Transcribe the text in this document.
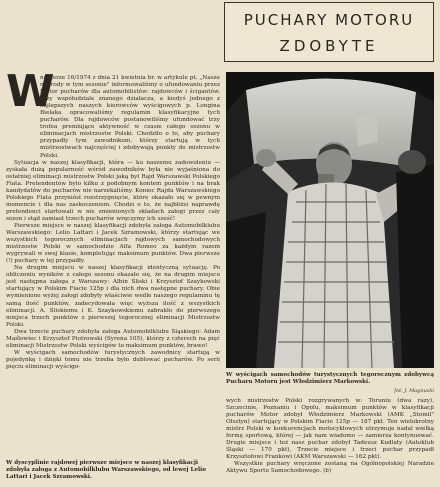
PUCHARY MOTORU
ZDOBYTE
W wyścigach samochodów turystycznych tegorocznym zdobywcą Pucharu Motoru jest Włodzimierz Markowski.
fot. J. Magnuski
W

numerze 16/1974 z dnia 21 kwietnia br. w artykule pt. „Nasze nagrody w tym sezonie" informowaliśmy o ufundowaniu przez Motor pucharów dla automobilistów: rajdowców i ścigantów. Przy współudziale znanego działacza, a kiedyś jednego z najlepszych naszych kierowców wyścigowych p. Longina Bielaka opracowaliśmy regulamin klasyfikacyjne tych pucharów. Dla rajdowców postanowiliśmy ufundować trzy trofea premiujące aktywność w czasie całego sezonu w eliminacjach mistrzostw Polski. Chodziło o to, aby puchary przypadły tym zawodnikom, którzy startują w tych mistrzostwach najczęściej i zdobywają punkty do mistrzostw Polski.

Sytuacja w naszej klasyfikacji, która — ku naszemu zadowoleniu — zyskała dużą popularność wśród zawodników była nie wyjaśniona do ostatniej eliminacji mistrzostw Polski jaką był Rajd Warszawski Polskiego Fiata. Pretendentów było kilku z podobnym kontem punktów i na brak kandydatów do pucharów nie narzekaliśmy. Koniec Rajdu Warszawskiego Polskiego Fiata przyniósł rozstrzygnięcie, które okazało się w pewnym momencie i dla nas zaskoczeniem. Chodzi o to, że najbliżsi naprawdę pretendenci startowali w nie zmienionych składach załogi przez cały sezon i stąd zamiast trzech pucharów wręczymy ich sześć!

Pierwsze miejsce w naszej klasyfikacji zdobyła załoga Automobilklubu Warszawskiego: Lelio Lattari i Jacek Szramowski, którzy startując we wszystkich tegorocznych eliminacjach rajdowych samochodowych mistrzostw Polski w samochodzie Alfa Romeo za każdym razem wygrywali w swej klasie, kompletując maksimum punktów. Dwa pierwsze (!) puchary w tej przypadły.

Na drugim miejscu w naszej klasyfikacji identyczną sytuację. Po obliczeniu wyników z całego sezonu okazało się, że na drugim miejscu jest następna załoga z Warszawy: Albin Śliski i Krzysztof Szaykowski startujący w Polskim Fiacie 125p i dla nich dwa następne puchary. Obie wymienione wyżej załogi zdobyły właściwie wedle naszego regulaminu tę samą ilość punktów, zadecydowała więc wyższa ilość z wszystkich eliminacji. A. Śliskiemu i K. Szaykowskiemu zabrakło do pierwszego miejsca trzech punktów z pierwszej tegorocznej eliminacji Mistrzostw Polski.

Dwa trzecie puchary zdobyła załoga Automobilklubu Śląskiego: Adam Maślowiec i Krzysztof Piotrowski (Syrena 105), którzy z czterech na pięć eliminacji Mistrzostw Polski wyścigów to maksimum punktów, brawo!

W wyścigach samochodów turystycznych zawodnicy startują w pojedynkę i dzięki temu nie trzeba było dublować pucharów. Po serii pięciu eliminacji wyścigo-

W dyscyplinie rajdowej pierwsze miejsce w naszej klasyfikacji zdobyła załoga z Automobilklubu Warszawskiego, od lewej Lelio Lattari i Jacek Szramowski.

wych mistrzostw Polski rozgrywanych w: Toruniu (dwa razy), Szczecinie, Poznaniu i Opolu, maksimum punktów w klasyfikacji pucharów Motor zdobył Włodzimierz Markowski (AMK „Stomil" Olsztyn) startujący w Polskim Fiacie 125p — 187 pkt. Ten wielokrotny mistrz Polski w konkurencjach motocyklowych utrzymuje nadal wielką formę sportową, której — jak nam wiadomo — zamierza kontynuować. Drugie miejsce i też nasz puchar zdobył Tadeusz Kudlaty (Autoklub Śląski — 170 pkt), Trzecie miejsce i trzeci puchar przypadł Krzysztofowi Frankowi (AKM Warszawski — 162 pkt).

Wszystkie puchary wręczone zostaną na Ogólnopolskiej Naradzie Aktywu Sportu Samochodowego. (b)
